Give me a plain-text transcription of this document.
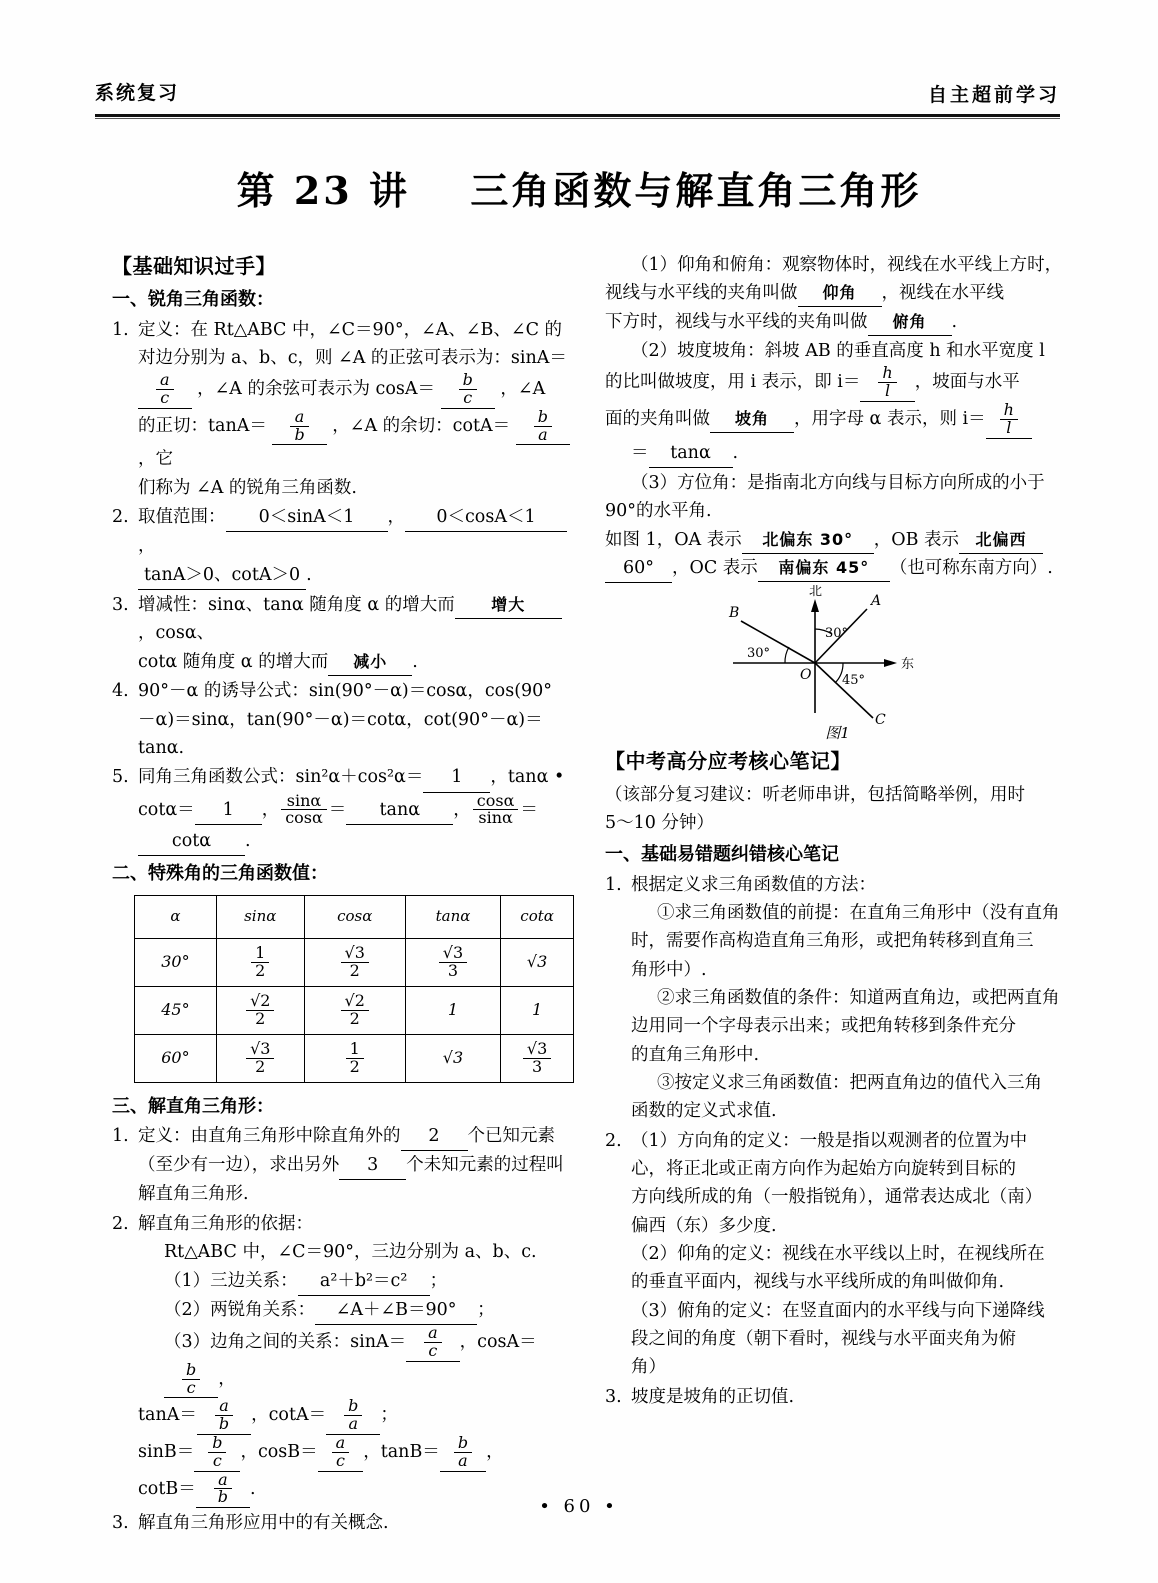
系统复习	自主超前学习
第 23 讲 三角函数与解直角三角形
【基础知识过手】
一、锐角三角函数：
1. 定义：在 Rt△ABC 中，∠C＝90°，∠A、∠B、∠C 的
对边分别为 a、b、c，则 ∠A 的正弦可表示为：sinA＝
$\frac{a}{c}$ ，∠A 的余弦可表示为 $\cos A= \frac{b}{c}$ ，∠A
的正切：$\tan A= \frac{a}{b}$ ，∠A 的余切：$\cot A= \frac{b}{a}$
，它
们称为 ∠A 的锐角三角函数.
2. 取值范围： 0＜sinA＜1 ， 0＜cosA＜1，
tanA＞0、cotA＞0 .
3. 增减性：sinα、tanα 随角度 α 的增大而 增大，cosα、
cotα 随角度 α 的增大而 减小 .
4. 90°－α 的诱导公式：sin(90°－α)＝cosα，cos(90°
－α)＝sinα，tan(90°－α)＝cotα，cot(90°－α)＝tanα.
5. 同角三角函数公式：sin²α＋cos²α＝ 1 ，tanα •
cotα＝ 1 ， $\frac{\sin\alpha}{\cos\alpha} = \tan\alpha$ ， $\frac{\cos\alpha}{\sin\alpha} =\cot\alpha$ .
二、特殊角的三角函数值：
α	sinα	cosα	tanα	cotα
30°	$\frac{1}{2}$	$\frac{√3}{2}$	$\frac{√3}{3}$	√3
45°	$\frac{√2}{2}$	$\frac{√2}{2}$	1	1
60°	$\frac{√3}{2}$	$\frac{1}{2}$	√3	$\frac{√3}{3}$
三、解直角三角形：
1. 定义：由直角三角形中除直角外的 2 个已知元素
（至少有一边），求出另外 3 个未知元素的过程叫
解直角三角形.
2. 解直角三角形的依据：
Rt△ABC 中，∠C＝90°，三边分别为 a、b、c.
（1）三边关系： a²＋b²＝c² ；
（2）两锐角关系： ∠A＋∠B＝90° ；
（3）边角之间的关系：$\sin A= \frac{a}{c}$ ，cosA＝
$\frac{b}{c}$ ，
$\tan A= \frac{a}{b}$ ，$\cot A= \frac{b}{a}$ ；
$\sin B= \frac{b}{c}$ ，$\cos B= \frac{a}{c}$ ，$\tan B= \frac{b}{a}$ ，
$\cot B= \frac{a}{b}$ .
3. 解直角三角形应用中的有关概念.
（1）仰角和俯角：观察物体时，视线在水平线上方时，
视线与水平线的夹角叫做 仰角 ，视线在水平线
下方时，视线与水平线的夹角叫做 俯角 .
（2）坡度坡角：斜坡 AB 的垂直高度 h 和水平宽度 l
的比叫做坡度，用 i 表示，即 $i= \frac{h}{l}$ ，坡面与水平
面的夹角叫做 坡角 ，用字母 α 表示，则 $i= \frac{h}{l}$
＝ tanα .
（3）方位角：是指南北方向线与目标方向所成的小于
90°的水平角.
如图 1，OA 表示 北偏东 30° ，OB 表示 北偏西
60° ，OC 表示 南偏东 45° （也可称东南方向）.
北
东
A
B
C
O
30°
30°
45°
图1
【中考高分应考核心笔记】
（该部分复习建议：听老师串讲，包括简略举例，用时
5～10 分钟）
一、基础易错题纠错核心笔记
1. 根据定义求三角函数值的方法：
①求三角函数值的前提：在直角三角形中（没有直角
时，需要作高构造直角三角形，或把角转移到直角三
角形中）.
②求三角函数值的条件：知道两直角边，或把两直角
边用同一个字母表示出来；或把角转移到条件充分
的直角三角形中.
③按定义求三角函数值：把两直角边的值代入三角
函数的定义式求值.
2. （1）方向角的定义：一般是指以观测者的位置为中
心，将正北或正南方向作为起始方向旋转到目标的
方向线所成的角（一般指锐角），通常表达成北（南）
偏西（东）多少度.
（2）仰角的定义：视线在水平线以上时，在视线所在
的垂直平面内，视线与水平线所成的角叫做仰角.
（3）俯角的定义：在竖直面内的水平线与向下递降线
段之间的角度（朝下看时，视线与水平面夹角为俯
角）
3. 坡度是坡角的正切值.
• 60 •
